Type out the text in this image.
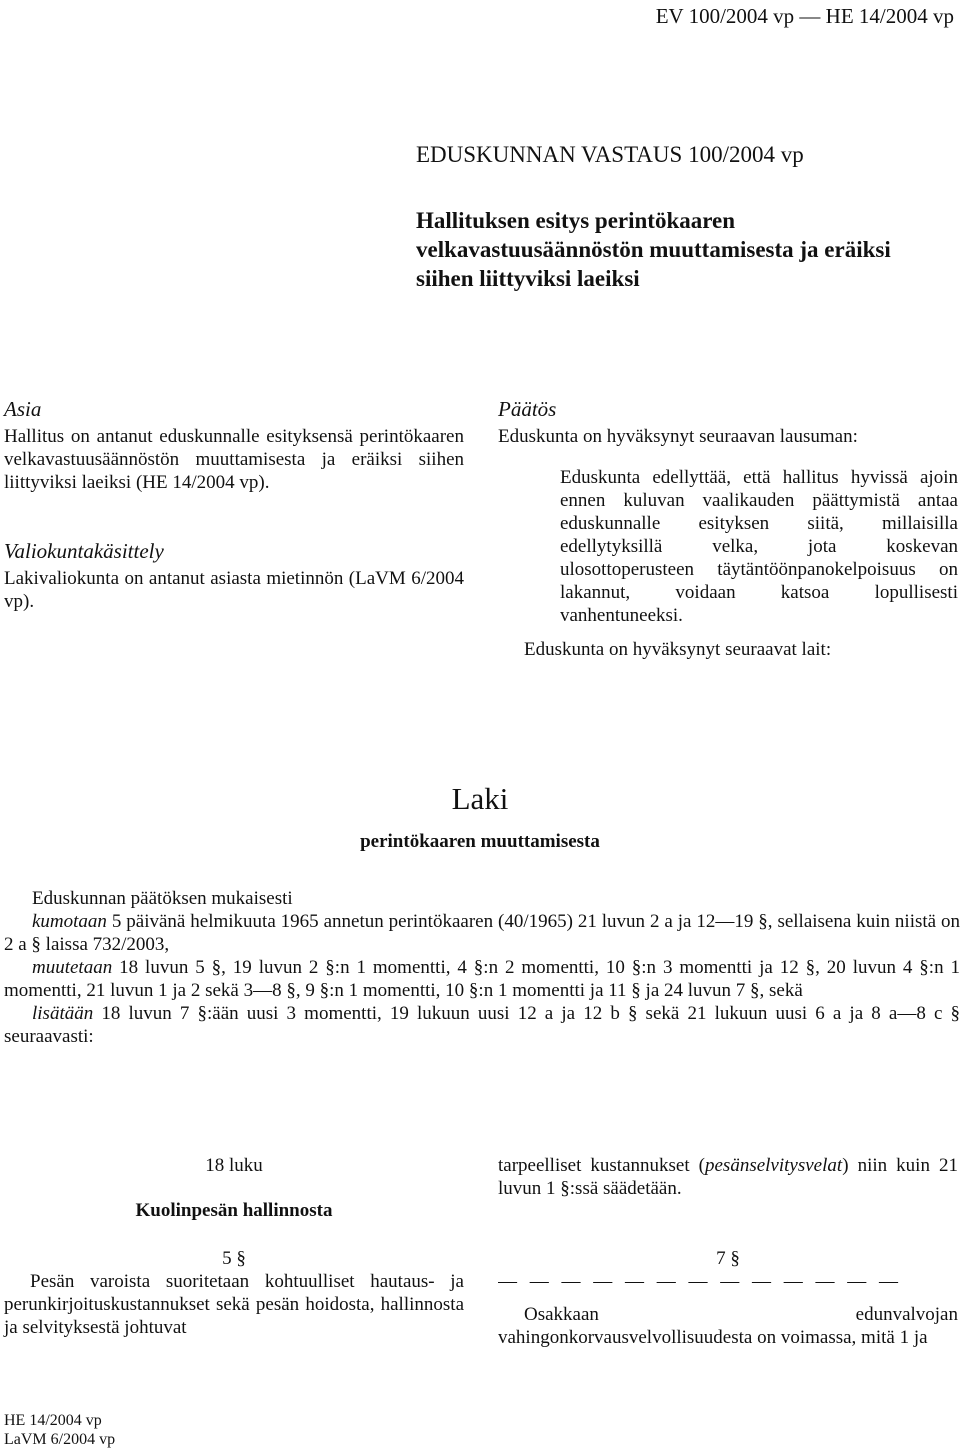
EV 100/2004 vp — HE 14/2004 vp
EDUSKUNNAN VASTAUS 100/2004 vp
Hallituksen esitys perintökaaren velkavastuusäännöstön muuttamisesta ja eräiksi siihen liittyviksi laeiksi
Asia

Hallitus on antanut eduskunnalle esityksensä perintökaaren velkavastuusäännöstön muuttamisesta ja eräiksi siihen liittyviksi laeiksi (HE 14/2004 vp).

Valiokuntakäsittely

Lakivaliokunta on antanut asiasta mietinnön (LaVM 6/2004 vp).

Päätös

Eduskunta on hyväksynyt seuraavan lausuman:

Eduskunta edellyttää, että hallitus hyvissä ajoin ennen kuluvan vaalikauden päättymistä antaa eduskunnalle esityksen siitä, millaisilla edellytyksillä velka, jota koskevan ulosottoperusteen täytäntöönpanokelpoisuus on lakannut, voidaan katsoa lopullisesti vanhentuneeksi.

Eduskunta on hyväksynyt seuraavat lait:

Laki
perintökaaren muuttamisesta

Eduskunnan päätöksen mukaisesti

kumotaan 5 päivänä helmikuuta 1965 annetun perintökaaren (40/1965) 21 luvun 2 a ja 12—19 §, sellaisena kuin niistä on 2 a § laissa 732/2003,

muutetaan 18 luvun 5 §, 19 luvun 2 §:n 1 momentti, 4 §:n 2 momentti, 10 §:n 3 momentti ja 12 §, 20 luvun 4 §:n 1 momentti, 21 luvun 1 ja 2 sekä 3—8 §, 9 §:n 1 momentti, 10 §:n 1 momentti ja 11 § ja 24 luvun 7 §, sekä

lisätään 18 luvun 7 §:ään uusi 3 momentti, 19 lukuun uusi 12 a ja 12 b § sekä 21 lukuun uusi 6 a ja 8 a—8 c § seuraavasti:

18 luku
Kuolinpesän hallinnosta
5 §

Pesän varoista suoritetaan kohtuulliset hautaus- ja perunkirjoituskustannukset sekä pesän hoidosta, hallinnosta ja selvityksestä johtuvat

tarpeelliset kustannukset (pesänselvitysvelat) niin kuin 21 luvun 1 §:ssä säädetään.

7 §
— — — — — — — — — — — — —

Osakkaan edunvalvojan vahingonkorvausvelvollisuudesta on voimassa, mitä 1 ja

HE 14/2004 vp
LaVM 6/2004 vp
